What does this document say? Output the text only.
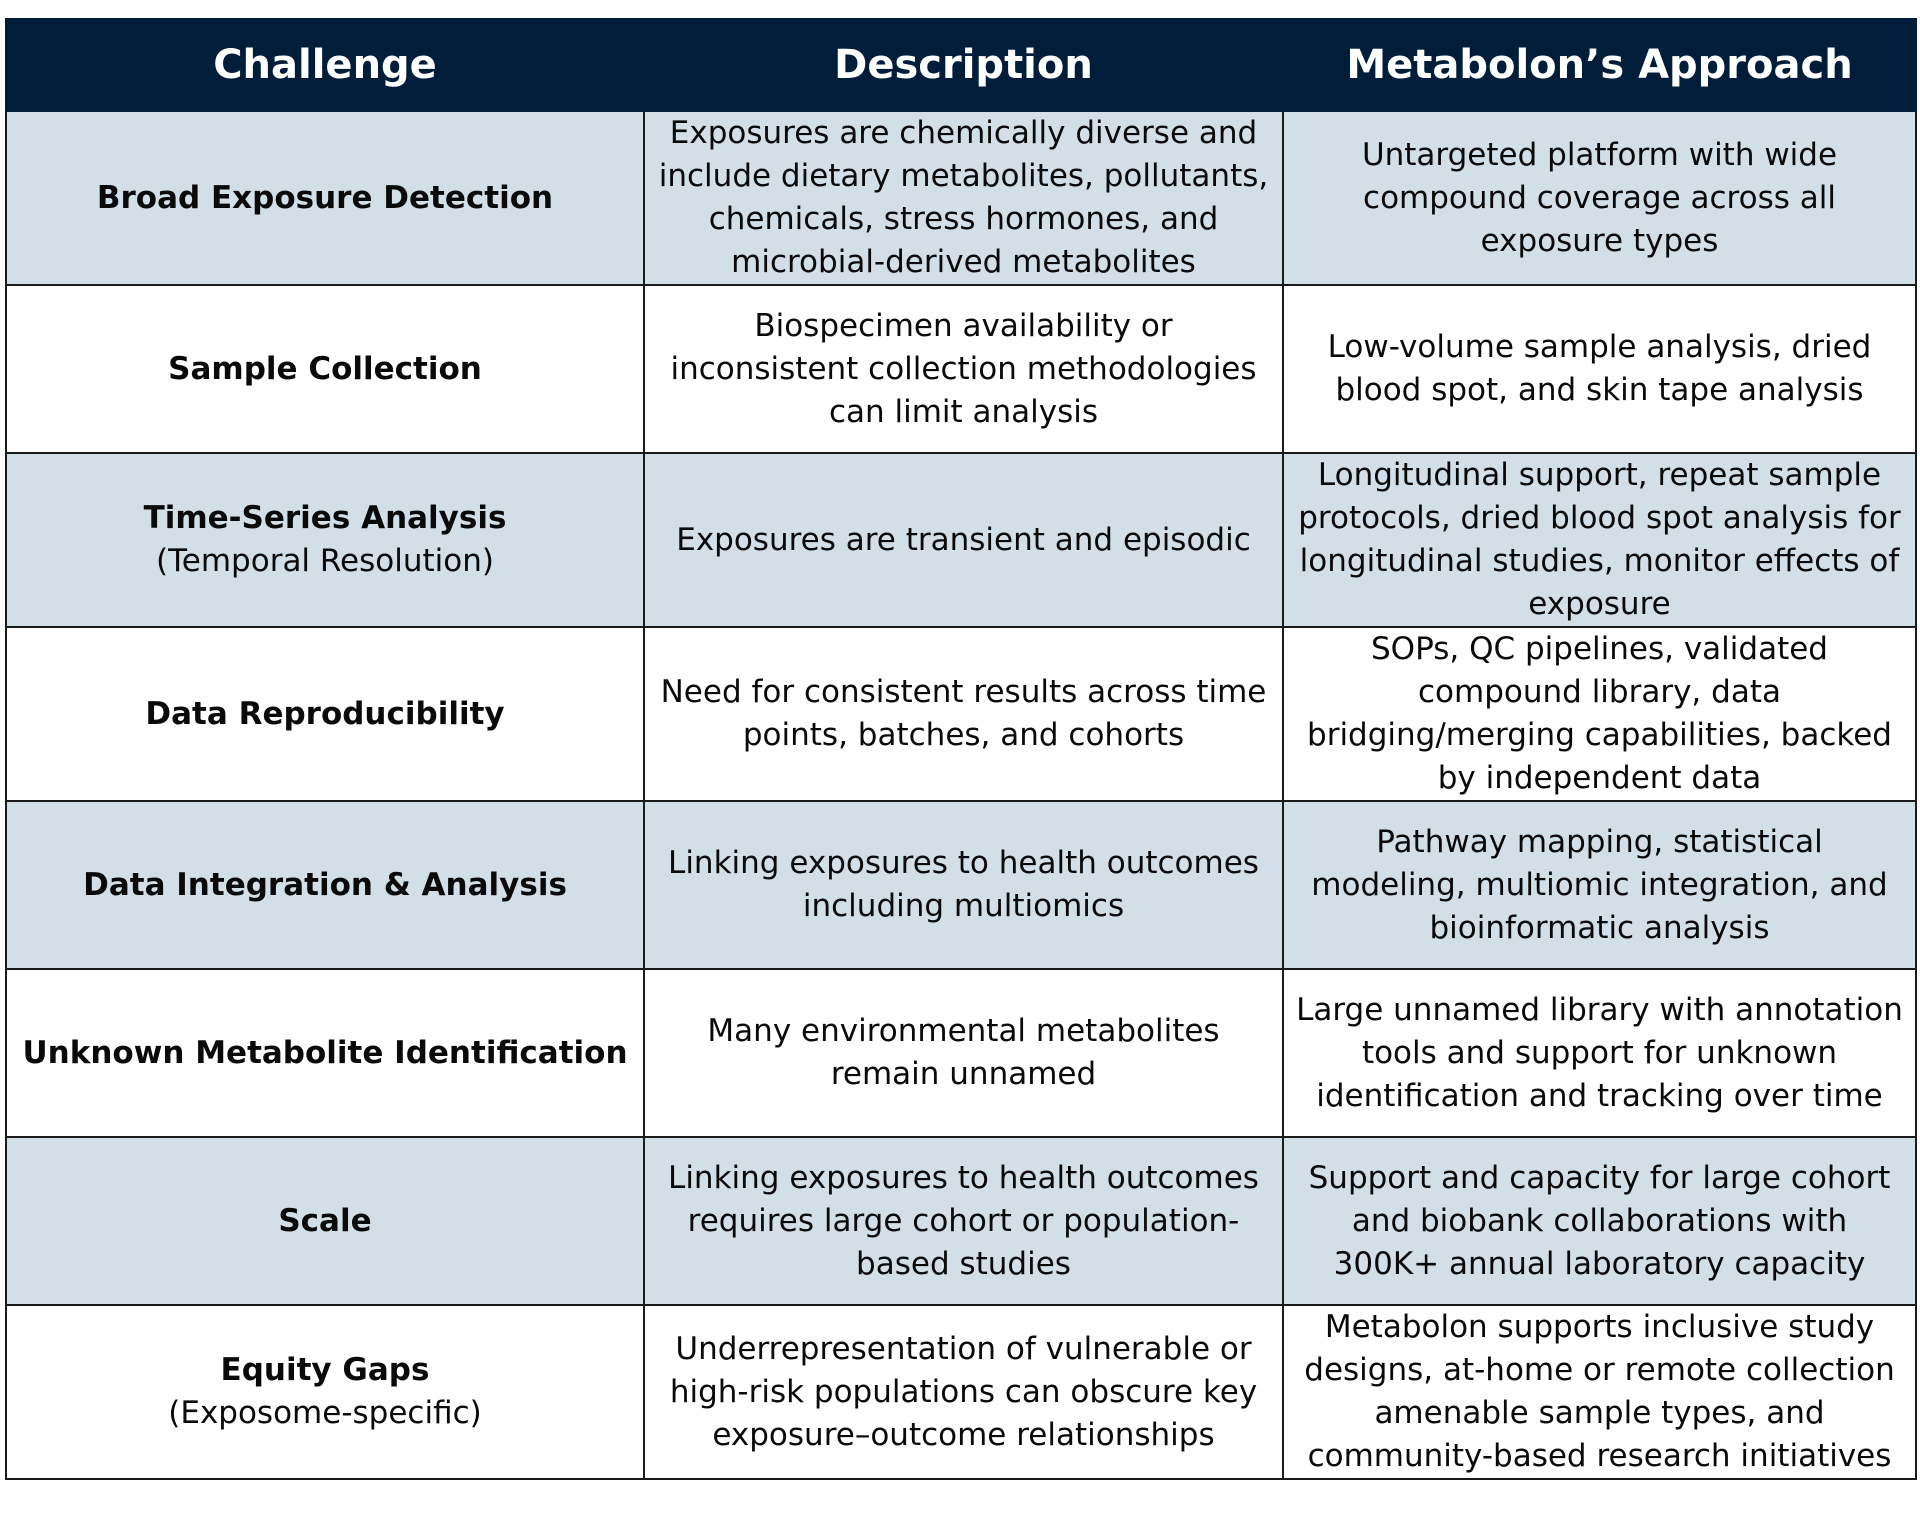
Challenge	Description	Metabolon’s Approach

Broad Exposure Detection	Exposures are chemically diverse and include dietary metabolites, pollutants, chemicals, stress hormones, and microbial-derived metabolites	Untargeted platform with wide compound coverage across all exposure types

Sample Collection	Biospecimen availability or inconsistent collection methodologies can limit analysis	Low-volume sample analysis, dried blood spot, and skin tape analysis

Time-Series Analysis
(Temporal Resolution)	Exposures are transient and episodic	Longitudinal support, repeat sample protocols, dried blood spot analysis for longitudinal studies, monitor effects of exposure

Data Reproducibility	Need for consistent results across time points, batches, and cohorts	SOPs, QC pipelines, validated compound library, data bridging/merging capabilities, backed by independent data

Data Integration & Analysis	Linking exposures to health outcomes including multiomics	Pathway mapping, statistical modeling, multiomic integration, and bioinformatic analysis

Unknown Metabolite Identification	Many environmental metabolites remain unnamed	Large unnamed library with annotation tools and support for unknown identification and tracking over time

Scale	Linking exposures to health outcomes requires large cohort or population-based studies	Support and capacity for large cohort and biobank collaborations with 300K+ annual laboratory capacity

Equity Gaps
(Exposome-specific)	Underrepresentation of vulnerable or high-risk populations can obscure key exposure–outcome relationships	Metabolon supports inclusive study designs, at-home or remote collection amenable sample types, and community-based research initiatives
